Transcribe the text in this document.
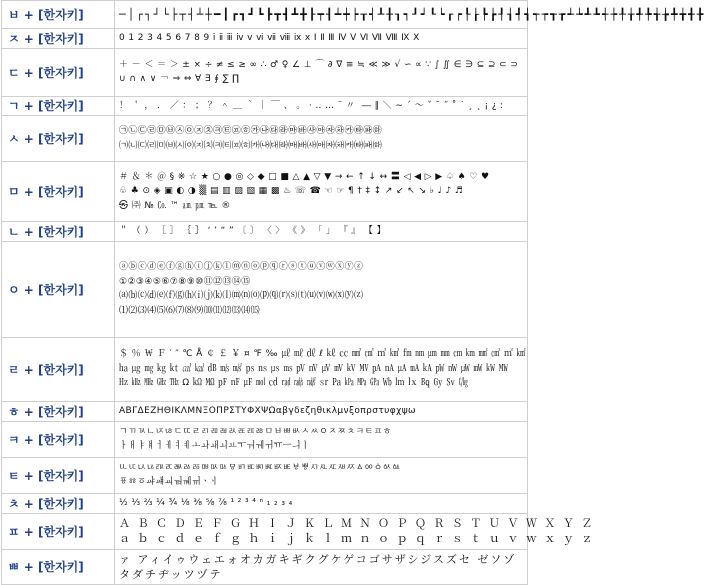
ㅂ + [한자키]	─│┌┐┘└├┬┤┴┼━┃┏┓┛┗┣┳┫┻╋┠┯┨┷┿┝┰┥┸╂┒┑┚┙┖┕┎┍┞┟┡┢┦┧┩┪┭┮┱┲┵┶┹┺┽┾╀╁╃╄╅╆╇╈╉╊

ㅈ + [한자키]	0 1 2 3 4 5 6 7 8 9 ⅰ ⅱ ⅲ ⅳ ⅴ ⅵ ⅶ ⅷ ⅸ ⅹ Ⅰ Ⅱ Ⅲ Ⅳ Ⅴ Ⅵ Ⅶ Ⅷ Ⅸ Ⅹ

ㄷ + [한자키]	＋ － ＜ ＝ ＞ ± × ÷ ≠ ≤ ≥ ∞ ∴ ♂ ♀ ∠ ⊥ ⌒ ∂ ∇ ≡ ≒ ≪ ≫ √ ∽ ∝ ∵ ∫ ∬ ∈ ∋ ⊆ ⊇ ⊂ ⊃
∪ ∩ ∧ ∨ ￢ ⇒ ⇔ ∀ ∃ ∮ ∑ ∏

ㄱ + [한자키]	！ ＇ ， ． ／ ： ； ？ ＾ ＿ ｀ ｜ ￣ 、 。 · ‥ … ¨ 〃 ― ∥ ＼ ∼ ´ ～ ˇ ˘ ˝ ˚ ˙ ¸ ˛ ¡ ¿ ː

ㅅ + [한자키]	㉠㉡㉢㉣㉤㉥㉦㉧㉨㉩㉪㉫㉬㉭㉮㉯㉰㉱㉲㉳㉴㉵㉶㉷㉸㉹㉺㉻
㈀㈁㈂㈃㈄㈅㈆㈇㈈㈉㈊㈋㈌㈍㈎㈏㈐㈑㈒㈓㈔㈕㈖㈗㈘㈙㈚㈛

ㅁ + [한자키]	＃ ＆ ＊ ＠ § ※ ☆ ★ ○ ● ◎ ◇ ◆ □ ■ △ ▲ ▽ ▼ → ← ↑ ↓ ↔ 〓 ◁ ◀ ▷ ▶ ♤ ♠ ♡ ♥
♧ ♣ ⊙ ◈ ▣ ◐ ◑ ▒ ▤ ▥ ▨ ▧ ▦ ▩ ♨ ☏ ☎ ☜ ☞ ¶ † ‡ ↕ ↗ ↙ ↖ ↘ ♭ ♩ ♪ ♬
㉿ ㈜ № ㏇ ™ ㏂ ㏘ ℡ ®

ㄴ + [한자키]	＂ （ ） ［ ］ ｛ ｝ ‘ ’ “ ” 〔 〕 〈 〉 《 》 「 」 『 』 【 】

ㅇ + [한자키]	ⓐⓑⓒⓓⓔⓕⓖⓗⓘⓙⓚⓛⓜⓝⓞⓟⓠⓡⓢⓣⓤⓥⓦⓧⓨⓩ
①②③④⑤⑥⑦⑧⑨⑩⑪⑫⑬⑭⑮
⒜⒝⒞⒟⒠⒡⒢⒣⒤⒥⒦⒧⒨⒩⒪⒫⒬⒭⒮⒯⒰⒱⒲⒳⒴⒵
⑴⑵⑶⑷⑸⑹⑺⑻⑼⑽⑾⑿⒀⒁⒂

ㄹ + [한자키]	＄ ％ ￦ Ｆ ′ ″ ℃ Å ￠ ￡ ￥ ¤ ℉ ‰ ㎕ ㎖ ㎗ ℓ ㎘ ㏄ ㎣ ㎤ ㎥ ㎦ ㎙ ㎚ ㎛ ㎜ ㎝ ㎞ ㎟ ㎠ ㎡ ㎢
㏊ ㎍ ㎎ ㎏ ㏏ ㎈ ㎉ ㏈ ㎧ ㎨ ㎰ ㎱ ㎲ ㎳ ㎴ ㎵ ㎶ ㎷ ㎸ ㎹ ㎀ ㎁ ㎂ ㎃ ㎄ ㎺ ㎻ ㎼ ㎽ ㎾ ㎿
㎐ ㎑ ㎒ ㎓ ㎔ Ω ㏀ ㏁ ㎊ ㎋ ㎌ ㏖ ㏅ ㎭ ㎮ ㎯ ㏛ ㎩ ㎪ ㎫ ㎬ ㏝ ㏐ ㏓ ㏃ ㏉ ㏜ ㏆

ㅎ + [한자키]	ΑΒΓΔΕΖΗΘΙΚΛΜΝΞΟΠΡΣΤΥΦΧΨΩαβγδεζηθικλμνξοπρστυφχψω

ㅋ + [한자키]	ㄱㄲㄳㄴㄵㄶㄷㄸㄹㄺㄻㄼㄽㄾㄿㅀㅁㅂㅃㅄㅅㅆㅇㅈㅉㅊㅋㅌㅍㅎ
ㅏㅐㅑㅒㅓㅔㅕㅖㅗㅘㅙㅚㅛㅜㅝㅞㅟㅠㅡㅢㅣ

ㅌ + [한자키]	ㅥㅦㅧㅨㅩㅪㅫㅬㅭㅮㅯㅰㅱㅲㅳㅴㅵㅶㅷㅸㅹㅺㅻㅼㅽㅾㅿㆀㆁㆂㆃ
ㆄㆅㆆㆇㆈㆉㆊㆋㆌㆍㆎ

ㅊ + [한자키]	½ ⅓ ⅔ ¼ ¾ ⅛ ⅜ ⅝ ⅞ ¹ ² ³ ⁴ ⁿ ₁ ₂ ₃ ₄

ㅍ + [한자키]	Ａ Ｂ Ｃ Ｄ Ｅ Ｆ Ｇ Ｈ Ｉ Ｊ Ｋ Ｌ Ｍ Ｎ Ｏ Ｐ Ｑ Ｒ Ｓ Ｔ Ｕ Ｖ Ｗ Ｘ Ｙ Ｚ
ａ ｂ ｃ ｄ ｅ ｆ ｇ ｈ ｉ ｊ ｋ ｌ ｍ ｎ ｏ ｐ ｑ ｒ ｓ ｔ ｕ ｖ ｗ ｘ ｙ ｚ

ㅃ + [한자키]	ァ アィイゥウェエォオカガキギクグケゲコゴサザシジスズセ ゼソゾ
タダチヂッツヅテ
